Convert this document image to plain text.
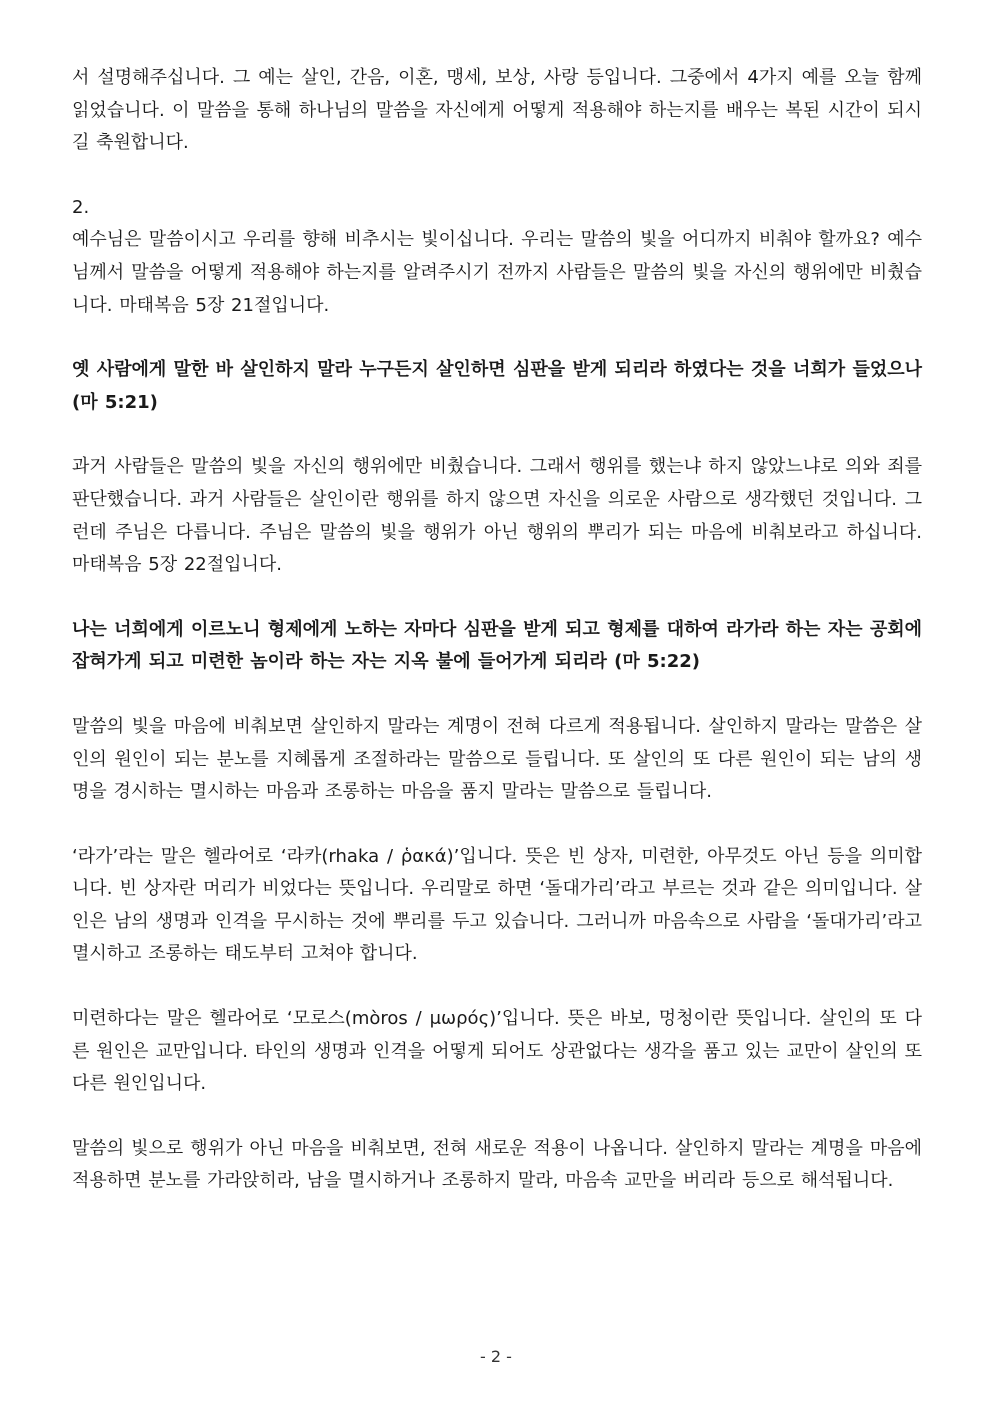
서 설명해주십니다. 그 예는 살인, 간음, 이혼, 맹세, 보상, 사랑 등입니다. 그중에서 4가지 예를 오늘 함께 읽었습니다. 이 말씀을 통해 하나님의 말씀을 자신에게 어떻게 적용해야 하는지를 배우는 복된 시간이 되시길 축원합니다.

2.

예수님은 말씀이시고 우리를 향해 비추시는 빛이십니다. 우리는 말씀의 빛을 어디까지 비춰야 할까요? 예수님께서 말씀을 어떻게 적용해야 하는지를 알려주시기 전까지 사람들은 말씀의 빛을 자신의 행위에만 비췄습니다. 마태복음 5장 21절입니다.

옛 사람에게 말한 바 살인하지 말라 누구든지 살인하면 심판을 받게 되리라 하였다는 것을 너희가 들었으나 (마 5:21)

과거 사람들은 말씀의 빛을 자신의 행위에만 비췄습니다. 그래서 행위를 했는냐 하지 않았느냐로 의와 죄를 판단했습니다. 과거 사람들은 살인이란 행위를 하지 않으면 자신을 의로운 사람으로 생각했던 것입니다. 그런데 주님은 다릅니다. 주님은 말씀의 빛을 행위가 아닌 행위의 뿌리가 되는 마음에 비춰보라고 하십니다. 마태복음 5장 22절입니다.

나는 너희에게 이르노니 형제에게 노하는 자마다 심판을 받게 되고 형제를 대하여 라가라 하는 자는 공회에 잡혀가게 되고 미련한 놈이라 하는 자는 지옥 불에 들어가게 되리라 (마 5:22)

말씀의 빛을 마음에 비춰보면 살인하지 말라는 계명이 전혀 다르게 적용됩니다. 살인하지 말라는 말씀은 살인의 원인이 되는 분노를 지혜롭게 조절하라는 말씀으로 들립니다. 또 살인의 또 다른 원인이 되는 남의 생명을 경시하는 멸시하는 마음과 조롱하는 마음을 품지 말라는 말씀으로 들립니다.

‘라가’라는 말은 헬라어로 ‘라카(rhaka / ῥακά)’입니다. 뜻은 빈 상자, 미련한, 아무것도 아닌 등을 의미합니다. 빈 상자란 머리가 비었다는 뜻입니다. 우리말로 하면 ‘돌대가리’라고 부르는 것과 같은 의미입니다. 살인은 남의 생명과 인격을 무시하는 것에 뿌리를 두고 있습니다. 그러니까 마음속으로 사람을 ‘돌대가리’라고 멸시하고 조롱하는 태도부터 고쳐야 합니다.

미련하다는 말은 헬라어로 ‘모로스(mòros / μωρός)’입니다. 뜻은 바보, 멍청이란 뜻입니다. 살인의 또 다른 원인은 교만입니다. 타인의 생명과 인격을 어떻게 되어도 상관없다는 생각을 품고 있는 교만이 살인의 또 다른 원인입니다.

말씀의 빛으로 행위가 아닌 마음을 비춰보면, 전혀 새로운 적용이 나옵니다. 살인하지 말라는 계명을 마음에 적용하면 분노를 가라앉히라, 남을 멸시하거나 조롱하지 말라, 마음속 교만을 버리라 등으로 해석됩니다.

- 2 -
